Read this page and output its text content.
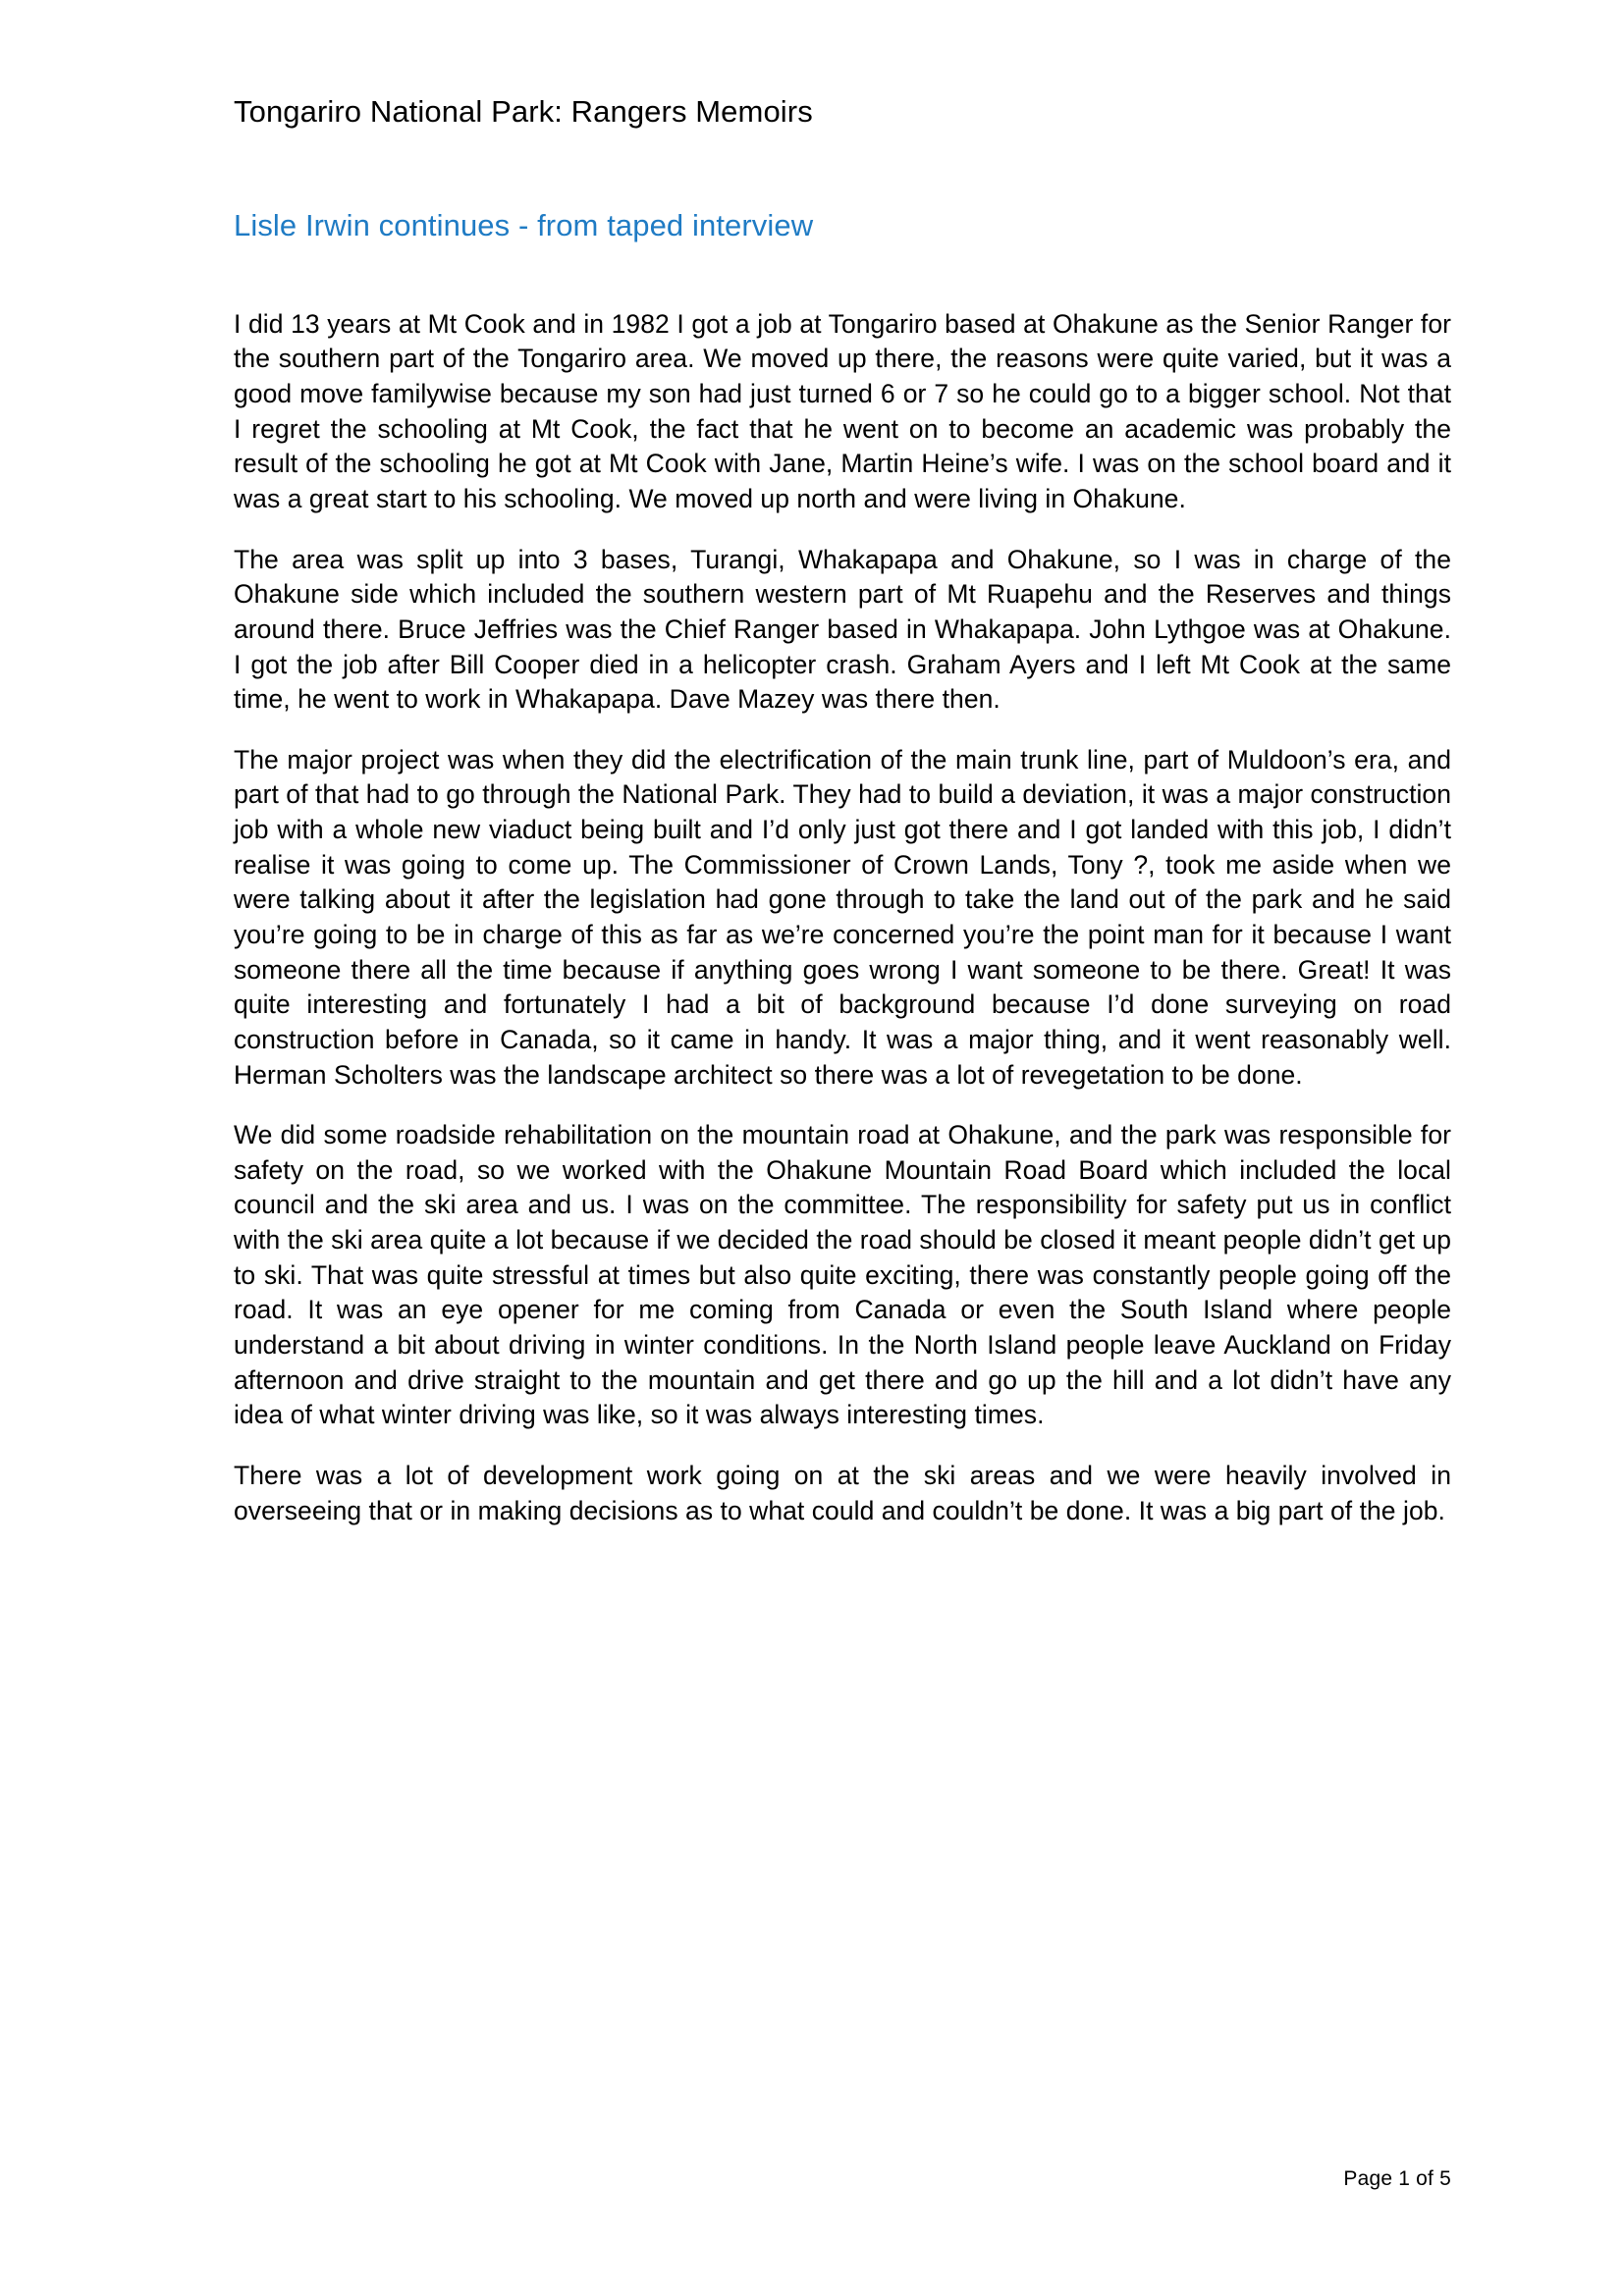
Tongariro National Park: Rangers Memoirs
Lisle Irwin continues - from taped interview

I did 13 years at Mt Cook and in 1982 I got a job at Tongariro based at Ohakune as the Senior Ranger for the southern part of the Tongariro area. We moved up there, the reasons were quite varied, but it was a good move familywise because my son had just turned 6 or 7 so he could go to a bigger school. Not that I regret the schooling at Mt Cook, the fact that he went on to become an academic was probably the result of the schooling he got at Mt Cook with Jane, Martin Heine’s wife. I was on the school board and it was a great start to his schooling. We moved up north and were living in Ohakune.

The area was split up into 3 bases, Turangi, Whakapapa and Ohakune, so I was in charge of the Ohakune side which included the southern western part of Mt Ruapehu and the Reserves and things around there. Bruce Jeffries was the Chief Ranger based in Whakapapa. John Lythgoe was at Ohakune. I got the job after Bill Cooper died in a helicopter crash. Graham Ayers and I left Mt Cook at the same time, he went to work in Whakapapa. Dave Mazey was there then.

The major project was when they did the electrification of the main trunk line, part of Muldoon’s era, and part of that had to go through the National Park. They had to build a deviation, it was a major construction job with a whole new viaduct being built and I’d only just got there and I got landed with this job, I didn’t realise it was going to come up. The Commissioner of Crown Lands, Tony ?, took me aside when we were talking about it after the legislation had gone through to take the land out of the park and he said you’re going to be in charge of this as far as we’re concerned you’re the point man for it because I want someone there all the time because if anything goes wrong I want someone to be there. Great! It was quite interesting and fortunately I had a bit of background because I’d done surveying on road construction before in Canada, so it came in handy. It was a major thing, and it went reasonably well. Herman Scholters was the landscape architect so there was a lot of revegetation to be done.

We did some roadside rehabilitation on the mountain road at Ohakune, and the park was responsible for safety on the road, so we worked with the Ohakune Mountain Road Board which included the local council and the ski area and us. I was on the committee. The responsibility for safety put us in conflict with the ski area quite a lot because if we decided the road should be closed it meant people didn’t get up to ski. That was quite stressful at times but also quite exciting, there was constantly people going off the road. It was an eye opener for me coming from Canada or even the South Island where people understand a bit about driving in winter conditions. In the North Island people leave Auckland on Friday afternoon and drive straight to the mountain and get there and go up the hill and a lot didn’t have any idea of what winter driving was like, so it was always interesting times.

There was a lot of development work going on at the ski areas and we were heavily involved in overseeing that or in making decisions as to what could and couldn’t be done. It was a big part of the job.

Page 1 of 5
